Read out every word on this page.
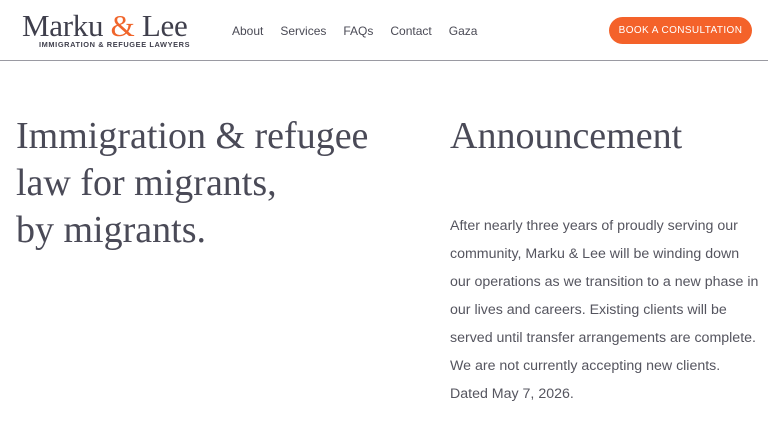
Marku & Lee
IMMIGRATION & REFUGEE LAWYERS
About Services FAQs Contact Gaza	BOOK A CONSULTATION
Immigration & refugee
law for migrants,
by migrants.
Announcement

After nearly three years of proudly serving our community, Marku & Lee will be winding down our operations as we transition to a new phase in our lives and careers. Existing clients will be served until transfer arrangements are complete. We are not currently accepting new clients. Dated May 7, 2026.
